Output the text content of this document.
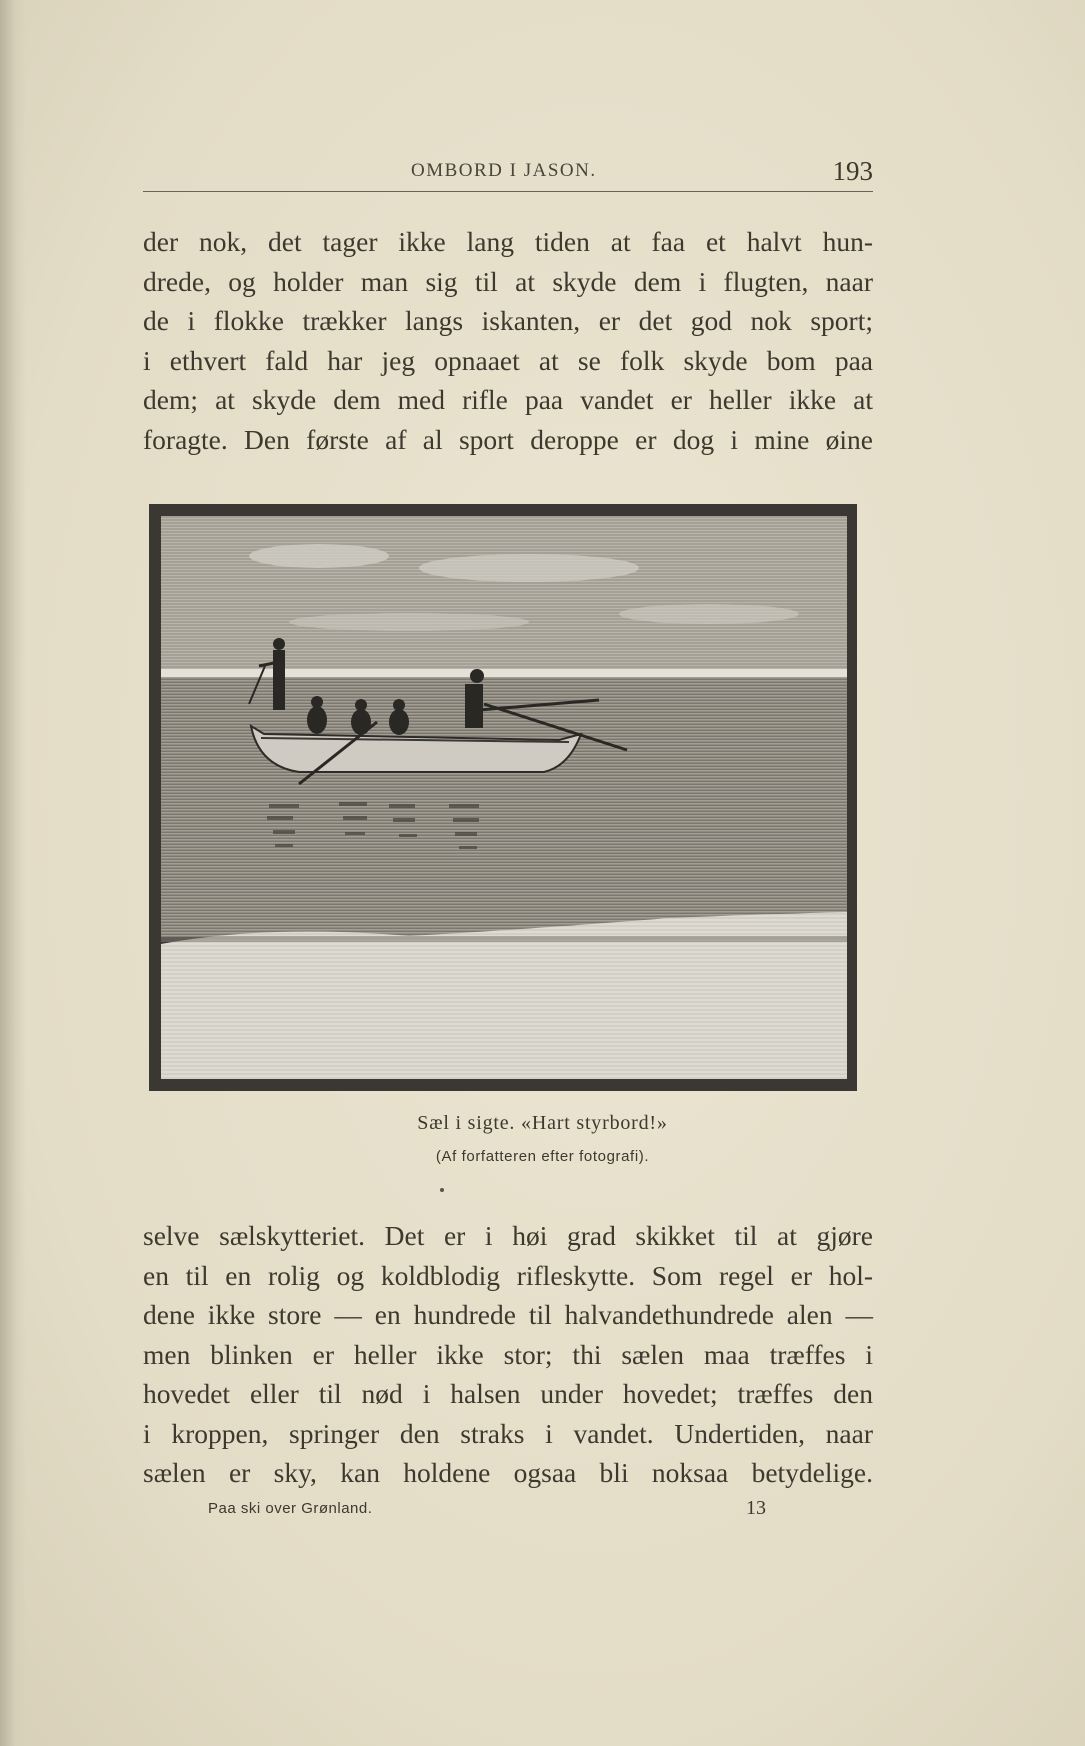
OMBORD I JASON.	193
der nok, det tager ikke lang tiden at faa et halvt hun-
drede, og holder man sig til at skyde dem i flugten, naar
de i flokke trækker langs iskanten, er det god nok sport;
i ethvert fald har jeg opnaaet at se folk skyde bom paa
dem; at skyde dem med rifle paa vandet er heller ikke at
foragte. Den første af al sport deroppe er dog i mine øine
Sæl i sigte. «Hart styrbord!»
(Af forfatteren efter fotografi).
selve sælskytteriet. Det er i høi grad skikket til at gjøre
en til en rolig og koldblodig rifleskytte. Som regel er hol-
dene ikke store — en hundrede til halvandethundrede alen —
men blinken er heller ikke stor; thi sælen maa træffes i
hovedet eller til nød i halsen under hovedet; træffes den
i kroppen, springer den straks i vandet. Undertiden, naar
sælen er sky, kan holdene ogsaa bli noksaa betydelige.
Paa ski over Grønland.	13
